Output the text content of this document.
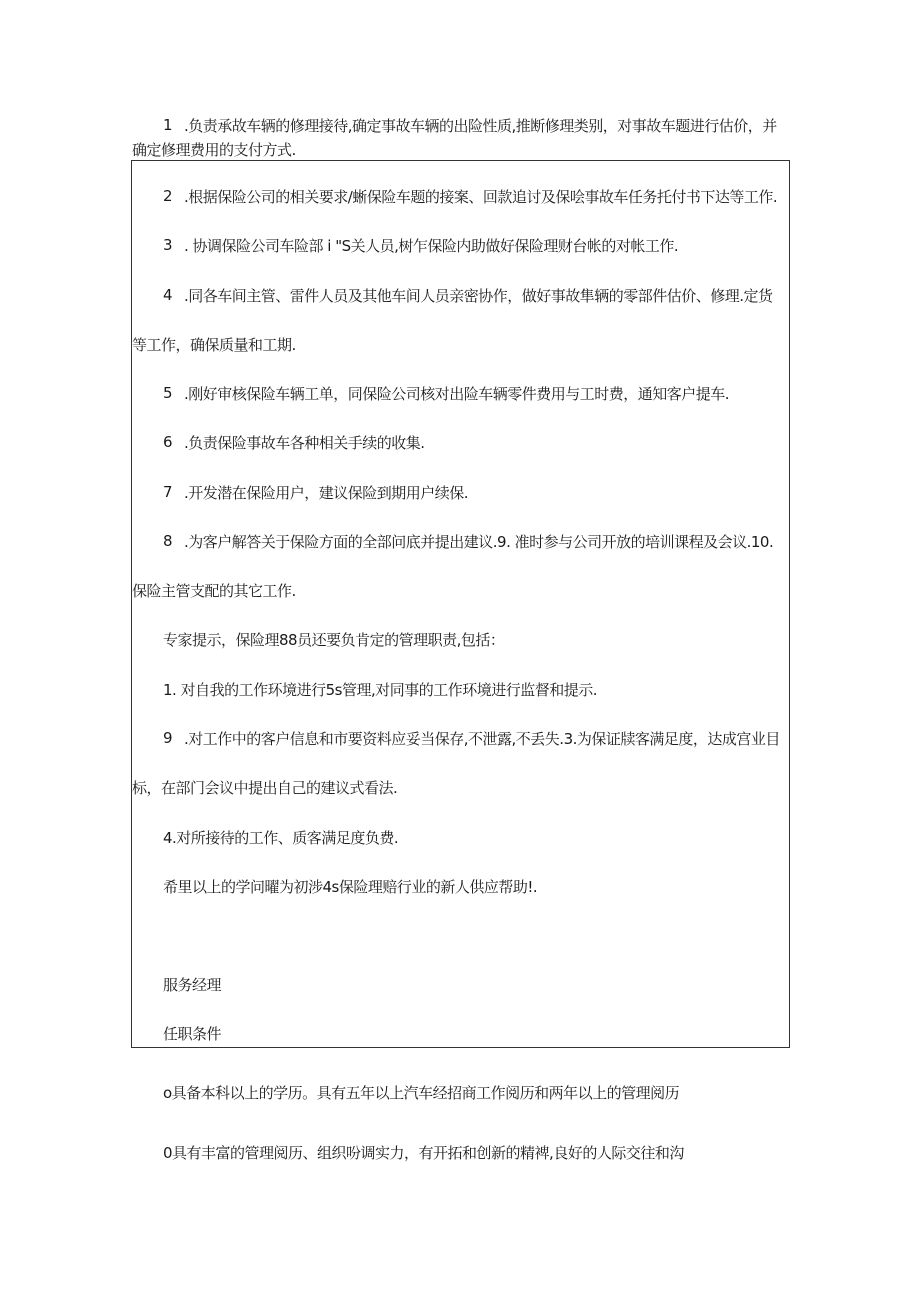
1 .负责承故车辆的修理接待,确定事故车辆的出险性质,推断修理类别，对事故车题进行估价，并
确定修理费用的支付方式.
2 .根据保险公司的相关要求/蜥保险车题的接案、回款追讨及保哙事故车任务托付书下达等工作.
3 . 协调保险公司车险部 i "S关人员,树乍保险内助做好保险理财台帐的对帐工作.
4 .同各车间主管、雷件人员及其他车间人员亲密协作，做好事故隼辆的零部件估价、修理.定货
等工作，确保质量和工期.
5 .刚好审核保险车辆工单，同保险公司核对出险车辆零件费用与工时费，通知客户提车.
6 .负责保险事故车各种相关手续的收集.
7 .开发潜在保险用户，建议保险到期用户续保.
8 .为客户解答关于保险方面的全部问底并提出建议.9. 准时参与公司开放的培训课程及会议.10.
保险主管支配的其它工作.
专家提示，保险理88员还要负肯定的管理职责,包括：
1. 对自我的工作环境进行5s管理,对同事的工作环境进行监督和提示.
9 .对工作中的客户信息和市要资料应妥当保存,不泄露,不丢失.3.为保证牍客满足度，达成宫业目
标，在部门会议中提出自己的建议式看法.
4.对所接待的工作、质客满足度负费.
希里以上的学问曜为初涉4s保险理赔行业的新人供应帮助!.
服务经理
任职条件
o具备本科以上的学历。具有五年以上汽车经招商工作阅历和两年以上的管理阅历
0具有丰富的管理阅历、组织吩调实力，有开拓和创新的精裨,良好的人际交往和沟
